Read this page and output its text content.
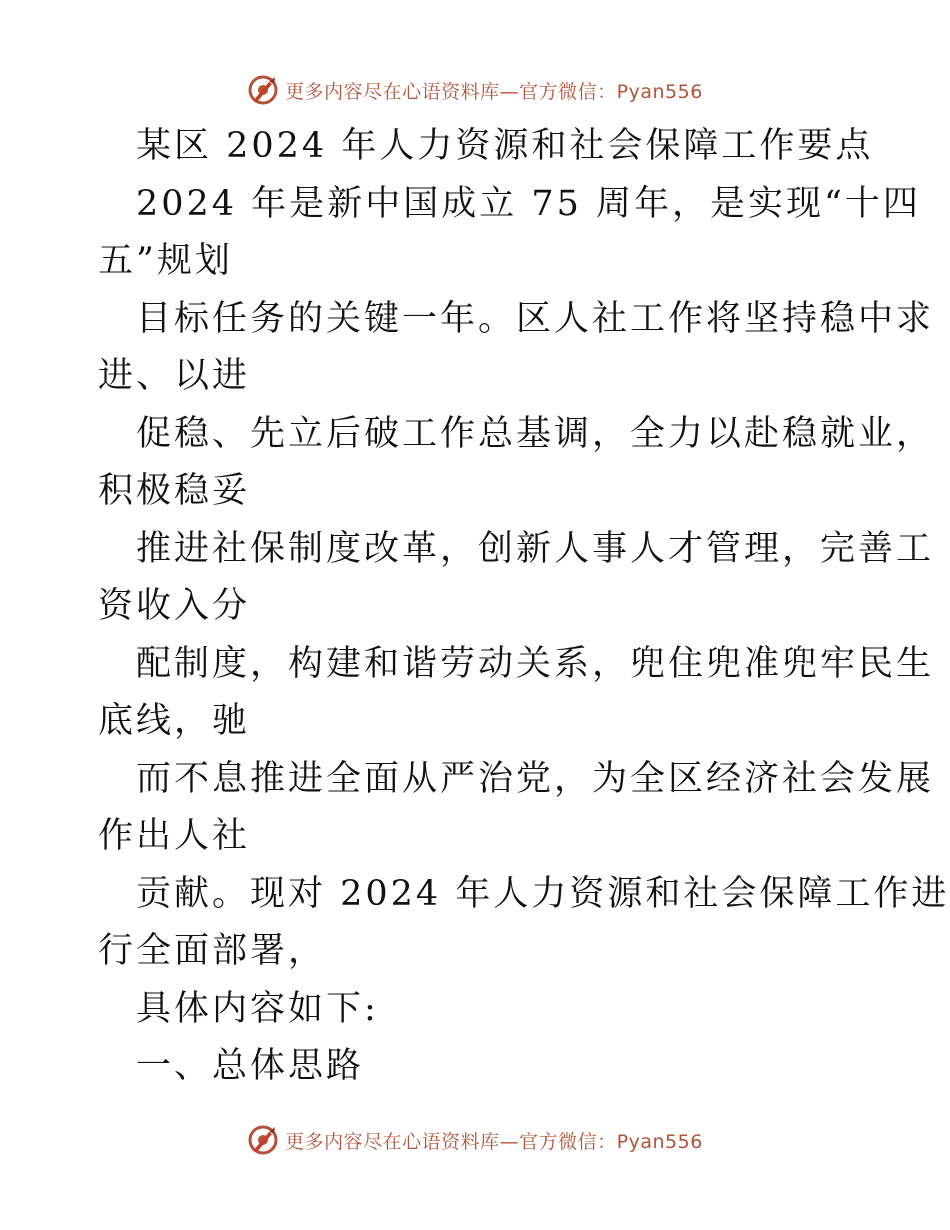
更多内容尽在心语资料库—官方微信：Pyan556
某区 2024 年人力资源和社会保障工作要点
2024 年是新中国成立 75 周年，是实现“十四
五”规划
目标任务的关键一年。区人社工作将坚持稳中求
进、以进
促稳、先立后破工作总基调，全力以赴稳就业，
积极稳妥
推进社保制度改革，创新人事人才管理，完善工
资收入分
配制度，构建和谐劳动关系，兜住兜准兜牢民生
底线，驰
而不息推进全面从严治党，为全区经济社会发展
作出人社
贡献。现对 2024 年人力资源和社会保障工作进
行全面部署，
具体内容如下:
一、总体思路
更多内容尽在心语资料库—官方微信：Pyan556
